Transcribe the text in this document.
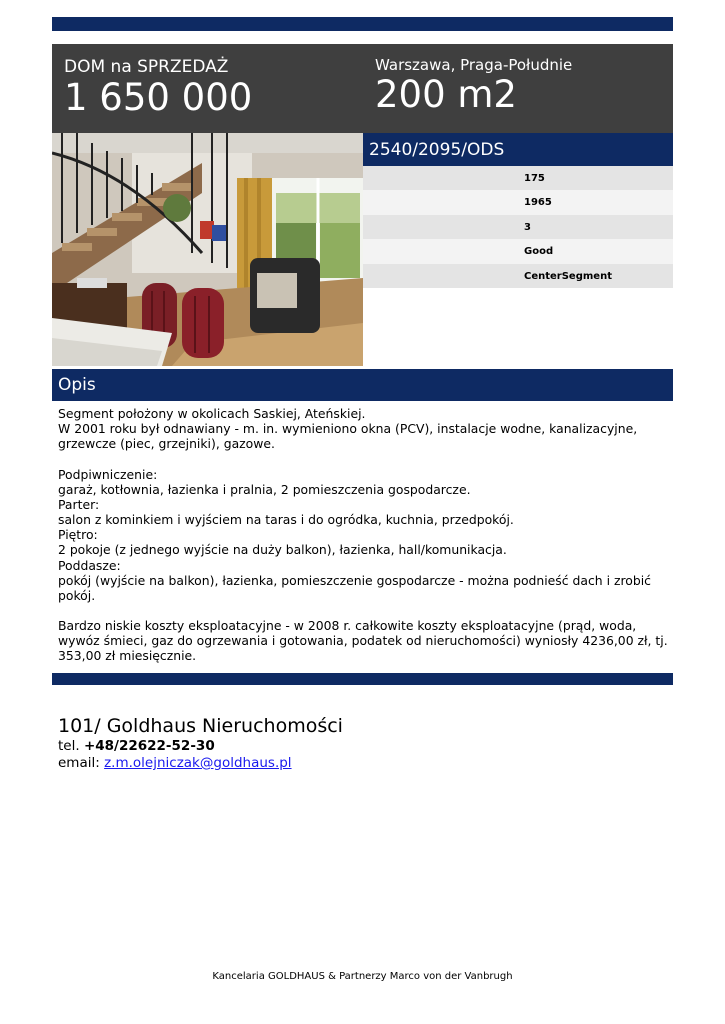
DOM na SPRZEDAŻ
1 650 000
Warszawa, Praga-Południe
200 m2
2540/2095/ODS
175
1965
3
Good
CenterSegment
Opis

Segment położony w okolicach Saskiej, Ateńskiej.

W 2001 roku był odnawiany - m. in. wymieniono okna (PCV), instalacje wodne, kanalizacyjne,

grzewcze (piec, grzejniki), gazowe.

Podpiwniczenie:

garaż, kotłownia, łazienka i pralnia, 2 pomieszczenia gospodarcze.

Parter:

salon z kominkiem i wyjściem na taras i do ogródka, kuchnia, przedpokój.

Piętro:

2 pokoje (z jednego wyjście na duży balkon), łazienka, hall/komunikacja.

Poddasze:

pokój (wyjście na balkon), łazienka, pomieszczenie gospodarcze - można podnieść dach i zrobić

pokój.

Bardzo niskie koszty eksploatacyjne - w 2008 r. całkowite koszty eksploatacyjne (prąd, woda,

wywóz śmieci, gaz do ogrzewania i gotowania, podatek od nieruchomości) wyniosły 4236,00 zł, tj.

353,00 zł miesięcznie.

101/ Goldhaus Nieruchomości
tel. +48/22622-52-30
email: z.m.olejniczak@goldhaus.pl
Kancelaria GOLDHAUS & Partnerzy Marco von der Vanbrugh
